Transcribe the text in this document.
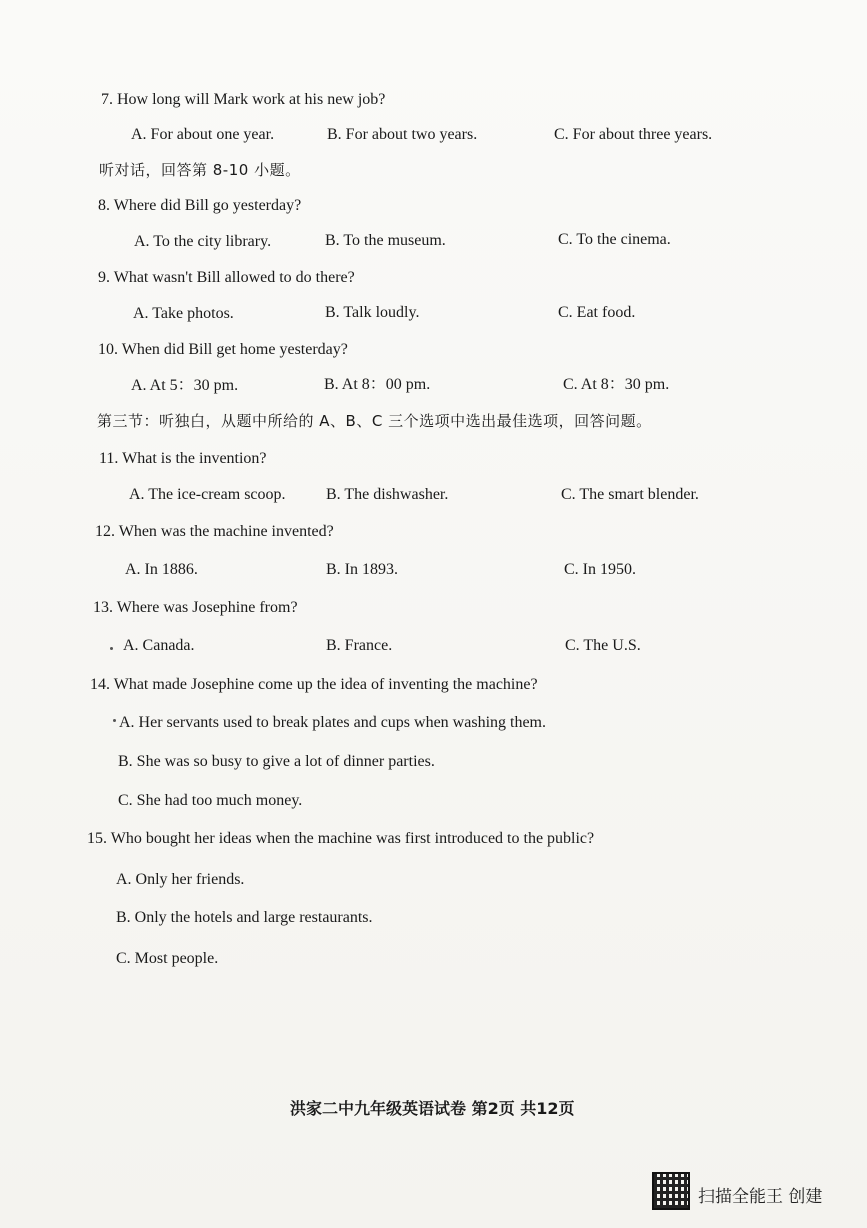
7. How long will Mark work at his new job?
A. For about one year.	B. For about two years.	C. For about three years.
听对话，回答第 8-10 小题。
8. Where did Bill go yesterday?
A. To the city library.	B. To the museum.	C. To the cinema.
9. What wasn't Bill allowed to do there?
A. Take photos.	B. Talk loudly.	C. Eat food.
10. When did Bill get home yesterday?
A. At 5：30 pm.	B. At 8：00 pm.	C. At 8：30 pm.
第三节：听独白，从题中所给的 A、B、C 三个选项中选出最佳选项，回答问题。
11. What is the invention?
A. The ice-cream scoop.	B. The dishwasher.	C. The smart blender.
12. When was the machine invented?
A. In 1886.	B. In 1893.	C. In 1950.
13. Where was Josephine from?
A. Canada.	B. France.	C. The U.S.
14. What made Josephine come up the idea of inventing the machine?
A. Her servants used to break plates and cups when washing them.
B. She was so busy to give a lot of dinner parties.
C. She had too much money.
15. Who bought her ideas when the machine was first introduced to the public?
A. Only her friends.
B. Only the hotels and large restaurants.
C. Most people.
洪家二中九年级英语试卷 第2页 共12页
扫描全能王 创建
